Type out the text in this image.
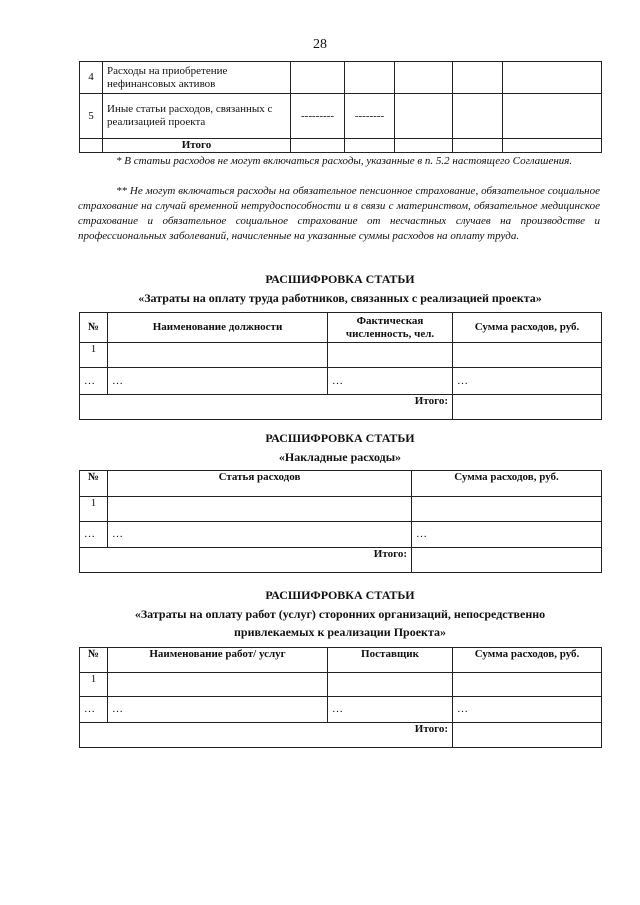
28
4	Расходы на приобретение нефинансовых активов					
5	Иные статьи расходов, связанных с реализацией проекта	---------	--------			
	Итого					
* В статьи расходов не могут включаться расходы, указанные в п. 5.2 настоящего Соглашения.
** Не могут включаться расходы на обязательное пенсионное страхование, обязательное социальное страхование на случай временной нетрудоспособности и в связи с материнством, обязательное медицинское страхование и обязательное социальное страхование от несчастных случаев на производстве и профессиональных заболеваний, начисленные на указанные суммы расходов на оплату труда.
РАСШИФРОВКА СТАТЬИ
«Затраты на оплату труда работников, связанных с реализацией проекта»
№	Наименование должности	Фактическая численность, чел.	Сумма расходов, руб.
1			
…	…	…	…
Итого:			
РАСШИФРОВКА СТАТЬИ
«Накладные расходы»
№	Статья расходов	Сумма расходов, руб.
1		
…	…	…
Итого:		
РАСШИФРОВКА СТАТЬИ
«Затраты на оплату работ (услуг) сторонних организаций, непосредственно
привлекаемых к реализации Проекта»
№	Наименование работ/ услуг	Поставщик	Сумма расходов, руб.
1			
…	…	…	…
Итого:			
